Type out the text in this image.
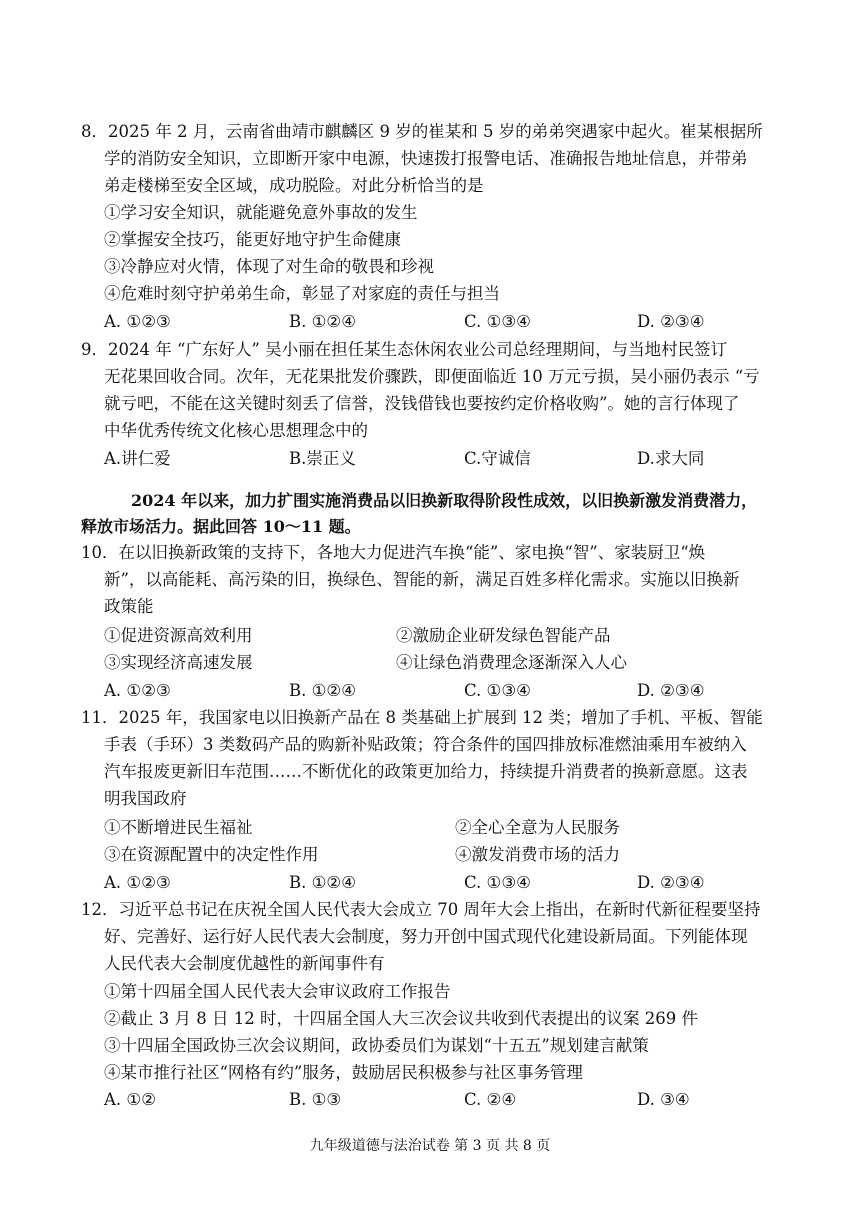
8．2025 年 2 月，云南省曲靖市麒麟区 9 岁的崔某和 5 岁的弟弟突遇家中起火。崔某根据所
学的消防安全知识，立即断开家中电源，快速拨打报警电话、准确报告地址信息，并带弟
弟走楼梯至安全区域，成功脱险。对此分析恰当的是
①学习安全知识，就能避免意外事故的发生
②掌握安全技巧，能更好地守护生命健康
③冷静应对火情，体现了对生命的敬畏和珍视
④危难时刻守护弟弟生命，彰显了对家庭的责任与担当
A. ①②③	B. ①②④	C. ①③④	D. ②③④
9．2024 年 “广东好人” 吴小丽在担任某生态休闲农业公司总经理期间，与当地村民签订
无花果回收合同。次年，无花果批发价骤跌，即便面临近 10 万元亏损，吴小丽仍表示 “亏
就亏吧，不能在这关键时刻丢了信誉，没钱借钱也要按约定价格收购”。她的言行体现了
中华优秀传统文化核心思想理念中的
A.讲仁爱	B.崇正义	C.守诚信	D.求大同
2024 年以来，加力扩围实施消费品以旧换新取得阶段性成效，以旧换新激发消费潜力，
释放市场活力。据此回答 10～11 题。
10．在以旧换新政策的支持下，各地大力促进汽车换“能”、家电换“智”、家装厨卫“焕
新”，以高能耗、高污染的旧，换绿色、智能的新，满足百姓多样化需求。实施以旧换新
政策能
①促进资源高效利用	②激励企业研发绿色智能产品
③实现经济高速发展	④让绿色消费理念逐渐深入人心
A. ①②③	B. ①②④	C. ①③④	D. ②③④
11．2025 年，我国家电以旧换新产品在 8 类基础上扩展到 12 类；增加了手机、平板、智能
手表（手环）3 类数码产品的购新补贴政策；符合条件的国四排放标准燃油乘用车被纳入
汽车报废更新旧车范围……不断优化的政策更加给力，持续提升消费者的换新意愿。这表
明我国政府
①不断增进民生福祉	②全心全意为人民服务
③在资源配置中的决定性作用	④激发消费市场的活力
A. ①②③	B. ①②④	C. ①③④	D. ②③④
12．习近平总书记在庆祝全国人民代表大会成立 70 周年大会上指出，在新时代新征程要坚持
好、完善好、运行好人民代表大会制度，努力开创中国式现代化建设新局面。下列能体现
人民代表大会制度优越性的新闻事件有
①第十四届全国人民代表大会审议政府工作报告
②截止 3 月 8 日 12 时，十四届全国人大三次会议共收到代表提出的议案 269 件
③十四届全国政协三次会议期间，政协委员们为谋划“十五五”规划建言献策
④某市推行社区“网格有约”服务，鼓励居民积极参与社区事务管理
A. ①②	B. ①③	C. ②④	D. ③④
九年级道德与法治试卷 第 3 页 共 8 页
